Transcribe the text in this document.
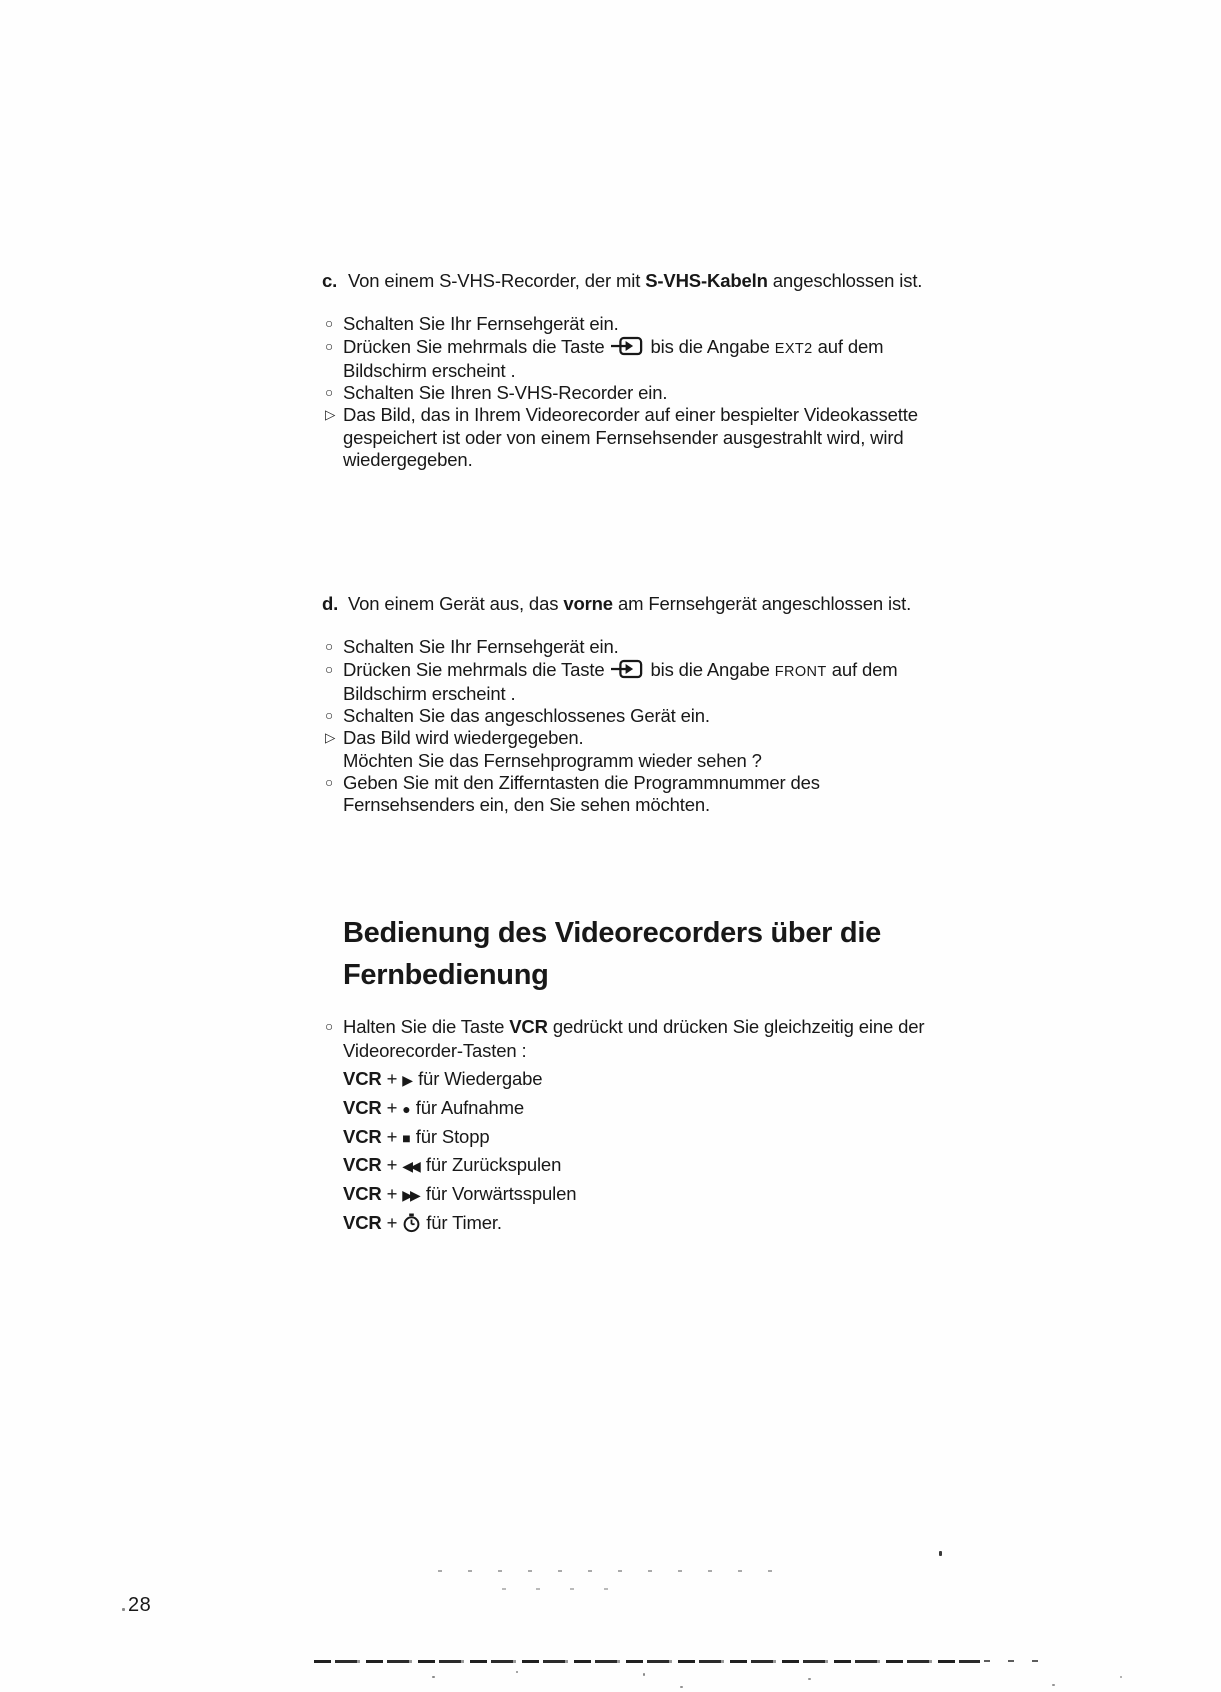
c. Von einem S-VHS-Recorder, der mit S-VHS-Kabeln angeschlossen ist.
○ Schalten Sie Ihr Fernsehgerät ein.
○ Drücken Sie mehrmals die Taste bis die Angabe EXT2 auf dem
Bildschirm erscheint .
○ Schalten Sie Ihren S-VHS-Recorder ein.
▷ Das Bild, das in Ihrem Videorecorder auf einer bespielter Videokassette
gespeichert ist oder von einem Fernsehsender ausgestrahlt wird, wird
wiedergegeben.
d. Von einem Gerät aus, das vorne am Fernsehgerät angeschlossen ist.
○ Schalten Sie Ihr Fernsehgerät ein.
○ Drücken Sie mehrmals die Taste bis die Angabe FRONT auf dem
Bildschirm erscheint .
○ Schalten Sie das angeschlossenes Gerät ein.
▷ Das Bild wird wiedergegeben.
Möchten Sie das Fernsehprogramm wieder sehen ?
○ Geben Sie mit den Zifferntasten die Programmnummer des
Fernsehsenders ein, den Sie sehen möchten.
Bedienung des Videorecorders über die
Fernbedienung
○ Halten Sie die Taste VCR gedrückt und drücken Sie gleichzeitig eine der
Videorecorder-Tasten :
VCR + ▶ für Wiedergabe
VCR + ● für Aufnahme
VCR + ■ für Stopp
VCR + ◀◀ für Zurückspulen
VCR + ▶▶ für Vorwärtsspulen
VCR + für Timer.
28
